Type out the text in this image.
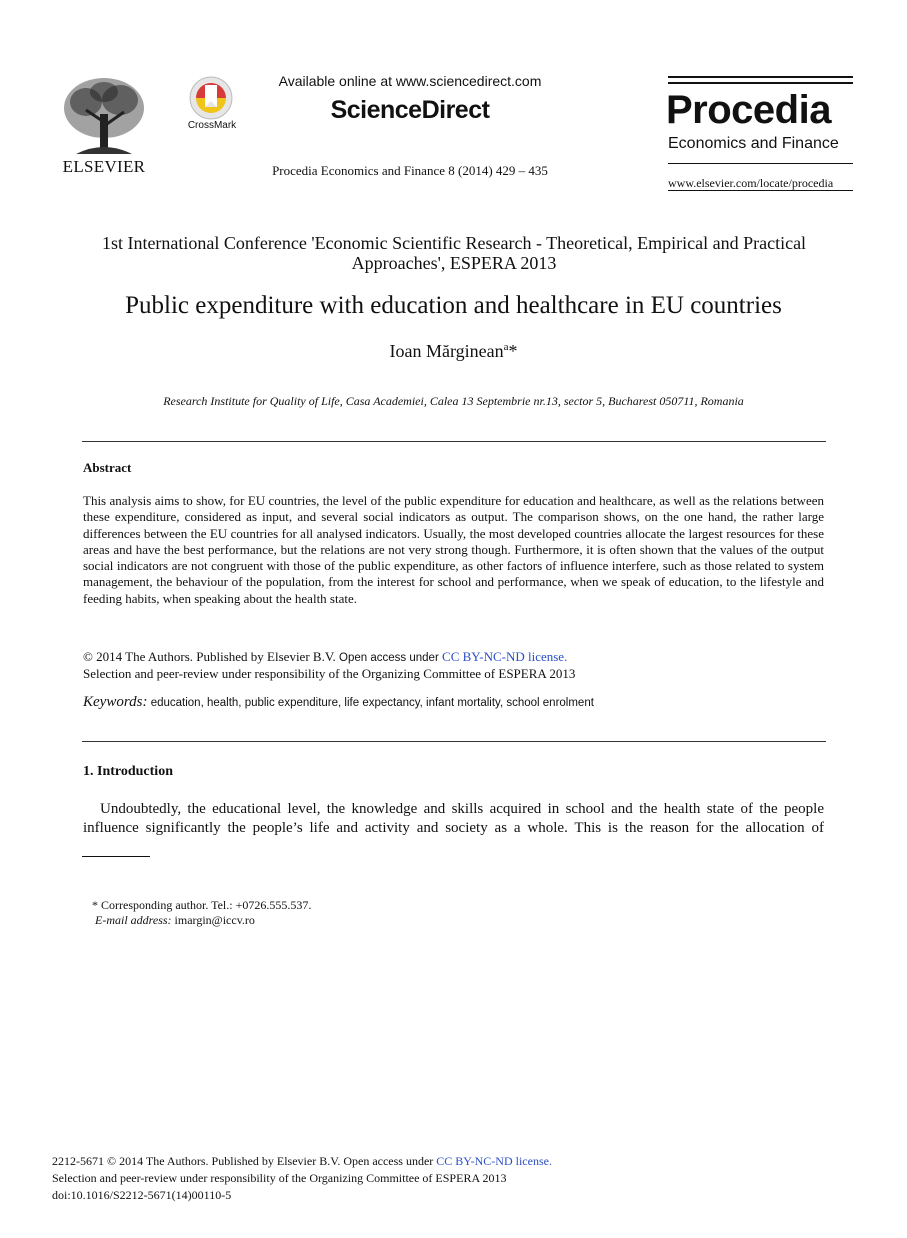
ELSEVIER
CrossMark
Available online at www.sciencedirect.com
ScienceDirect
Procedia Economics and Finance 8 (2014) 429 – 435
Procedia
Economics and Finance
www.elsevier.com/locate/procedia
1st International Conference 'Economic Scientific Research - Theoretical, Empirical and Practical Approaches', ESPERA 2013
Public expenditure with education and healthcare in EU countries
Ioan Mărginean$^a$*
Research Institute for Quality of Life, Casa Academiei, Calea 13 Septembrie nr.13, sector 5, Bucharest 050711, Romania
Abstract
This analysis aims to show, for EU countries, the level of the public expenditure for education and healthcare, as well as the relations between these expenditure, considered as input, and several social indicators as output. The comparison shows, on the one hand, the rather large differences between the EU countries for all analysed indicators. Usually, the most developed countries allocate the largest resources for these areas and have the best performance, but the relations are not very strong though. Furthermore, it is often shown that the values of the output social indicators are not congruent with those of the public expenditure, as other factors of influence interfere, such as those related to system management, the behaviour of the population, from the interest for school and performance, when we speak of education, to the lifestyle and feeding habits, when speaking about the health state.
© 2014 The Authors. Published by Elsevier B.V. Open access under CC BY-NC-ND license.
Selection and peer-review under responsibility of the Organizing Committee of ESPERA 2013
Keywords: education, health, public expenditure, life expectancy, infant mortality, school enrolment
1. Introduction
Undoubtedly, the educational level, the knowledge and skills acquired in school and the health state of the people influence significantly the people’s life and activity and society as a whole. This is the reason for the allocation of
* Corresponding author. Tel.: +0726.555.537.
E-mail address: imargin@iccv.ro
2212-5671 © 2014 The Authors. Published by Elsevier B.V. Open access under CC BY-NC-ND license.
Selection and peer-review under responsibility of the Organizing Committee of ESPERA 2013
doi:10.1016/S2212-5671(14)00110-5
